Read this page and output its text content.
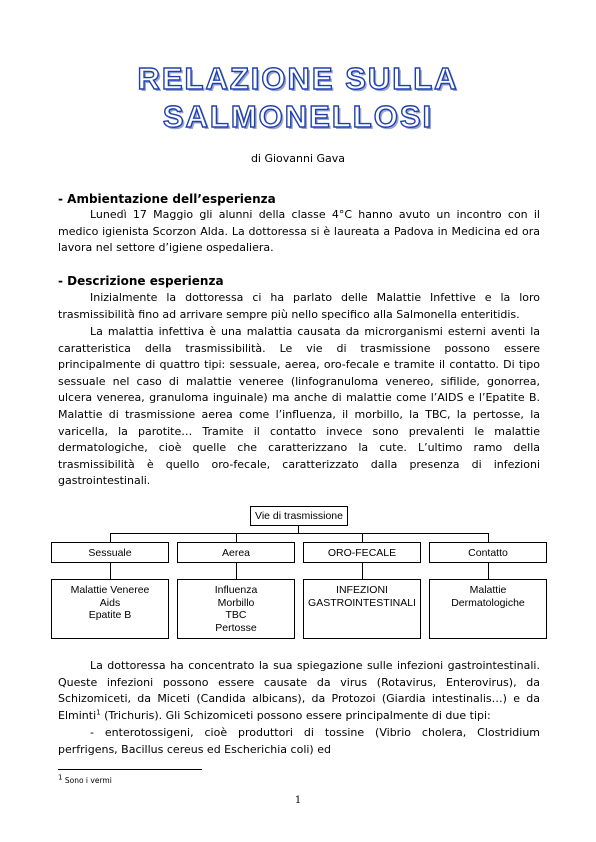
RELAZIONE SULLA
SALMONELLOSI
di Giovanni Gava
- Ambientazione dell’esperienza

Lunedì 17 Maggio gli alunni della classe 4°C hanno avuto un incontro con il medico igienista Scorzon Alda. La dottoressa si è laureata a Padova in Medicina ed ora lavora nel settore d’igiene ospedaliera.

- Descrizione esperienza

Inizialmente la dottoressa ci ha parlato delle Malattie Infettive e la loro trasmissibilità fino ad arrivare sempre più nello specifico alla Salmonella enteritidis.

La malattia infettiva è una malattia causata da microrganismi esterni aventi la caratteristica della trasmissibilità. Le vie di trasmissione possono essere principalmente di quattro tipi: sessuale, aerea, oro-fecale e tramite il contatto. Di tipo sessuale nel caso di malattie veneree (linfogranuloma venereo, sifilide, gonorrea, ulcera venerea, granuloma inguinale) ma anche di malattie come l’AIDS e l’Epatite B. Malattie di trasmissione aerea come l’influenza, il morbillo, la TBC, la pertosse, la varicella, la parotite… Tramite il contatto invece sono prevalenti le malattie dermatologiche, cioè quelle che caratterizzano la cute. L’ultimo ramo della trasmissibilità è quello oro-fecale, caratterizzato dalla presenza di infezioni gastrointestinali.

Vie di trasmissione
Sessuale	Aerea	ORO-FECALE	Contatto
Malattie Veneree
Aids
Epatite B
Influenza
Morbillo
TBC
Pertosse
INFEZIONI
GASTROINTESTINALI
Malattie
Dermatologiche

La dottoressa ha concentrato la sua spiegazione sulle infezioni gastrointestinali. Queste infezioni possono essere causate da virus (Rotavirus, Enterovirus), da Schizomiceti, da Miceti (Candida albicans), da Protozoi (Giardia intestinalis…) e da Elminti$^1$ (Trichuris). Gli Schizomiceti possono essere principalmente di due tipi:

- enterotossigeni, cioè produttori di tossine (Vibrio cholera, Clostridium perfrigens, Bacillus cereus ed Escherichia coli) ed

$^1$ Sono i vermi
1
